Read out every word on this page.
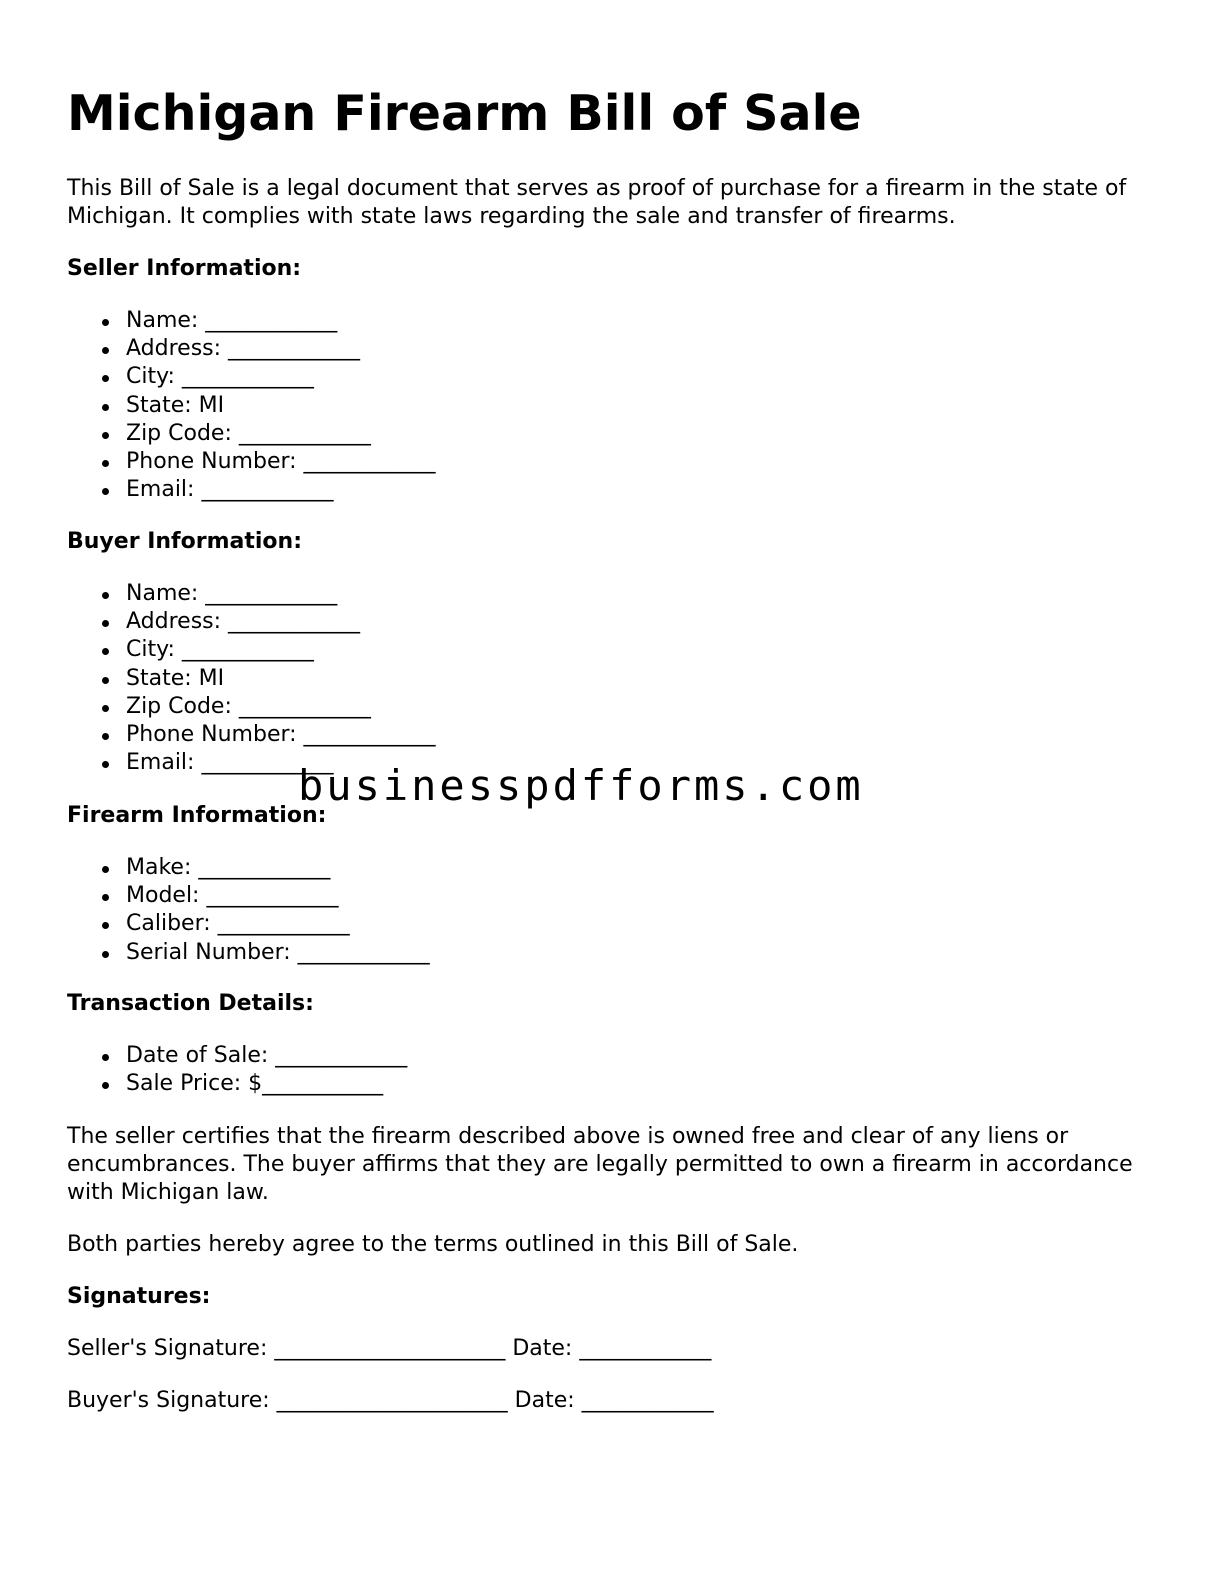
Michigan Firearm Bill of Sale

This Bill of Sale is a legal document that serves as proof of purchase for a firearm in the state of Michigan. It complies with state laws regarding the sale and transfer of firearms.

Seller Information:
Name: ____________
Address: ____________
City: ____________
State: MI
Zip Code: ____________
Phone Number: ____________
Email: ____________
Buyer Information:
Name: ____________
Address: ____________
City: ____________
State: MI
Zip Code: ____________
Phone Number: ____________
Email: ____________
Firearm Information:
Make: ____________
Model: ____________
Caliber: ____________
Serial Number: ____________
Transaction Details:
Date of Sale: ____________
Sale Price: $___________

The seller certifies that the firearm described above is owned free and clear of any liens or encumbrances. The buyer affirms that they are legally permitted to own a firearm in accordance with Michigan law.

Both parties hereby agree to the terms outlined in this Bill of Sale.

Signatures:
Seller's Signature: _____________________ Date: ____________
Buyer's Signature: _____________________ Date: ____________
businesspdfforms.com
